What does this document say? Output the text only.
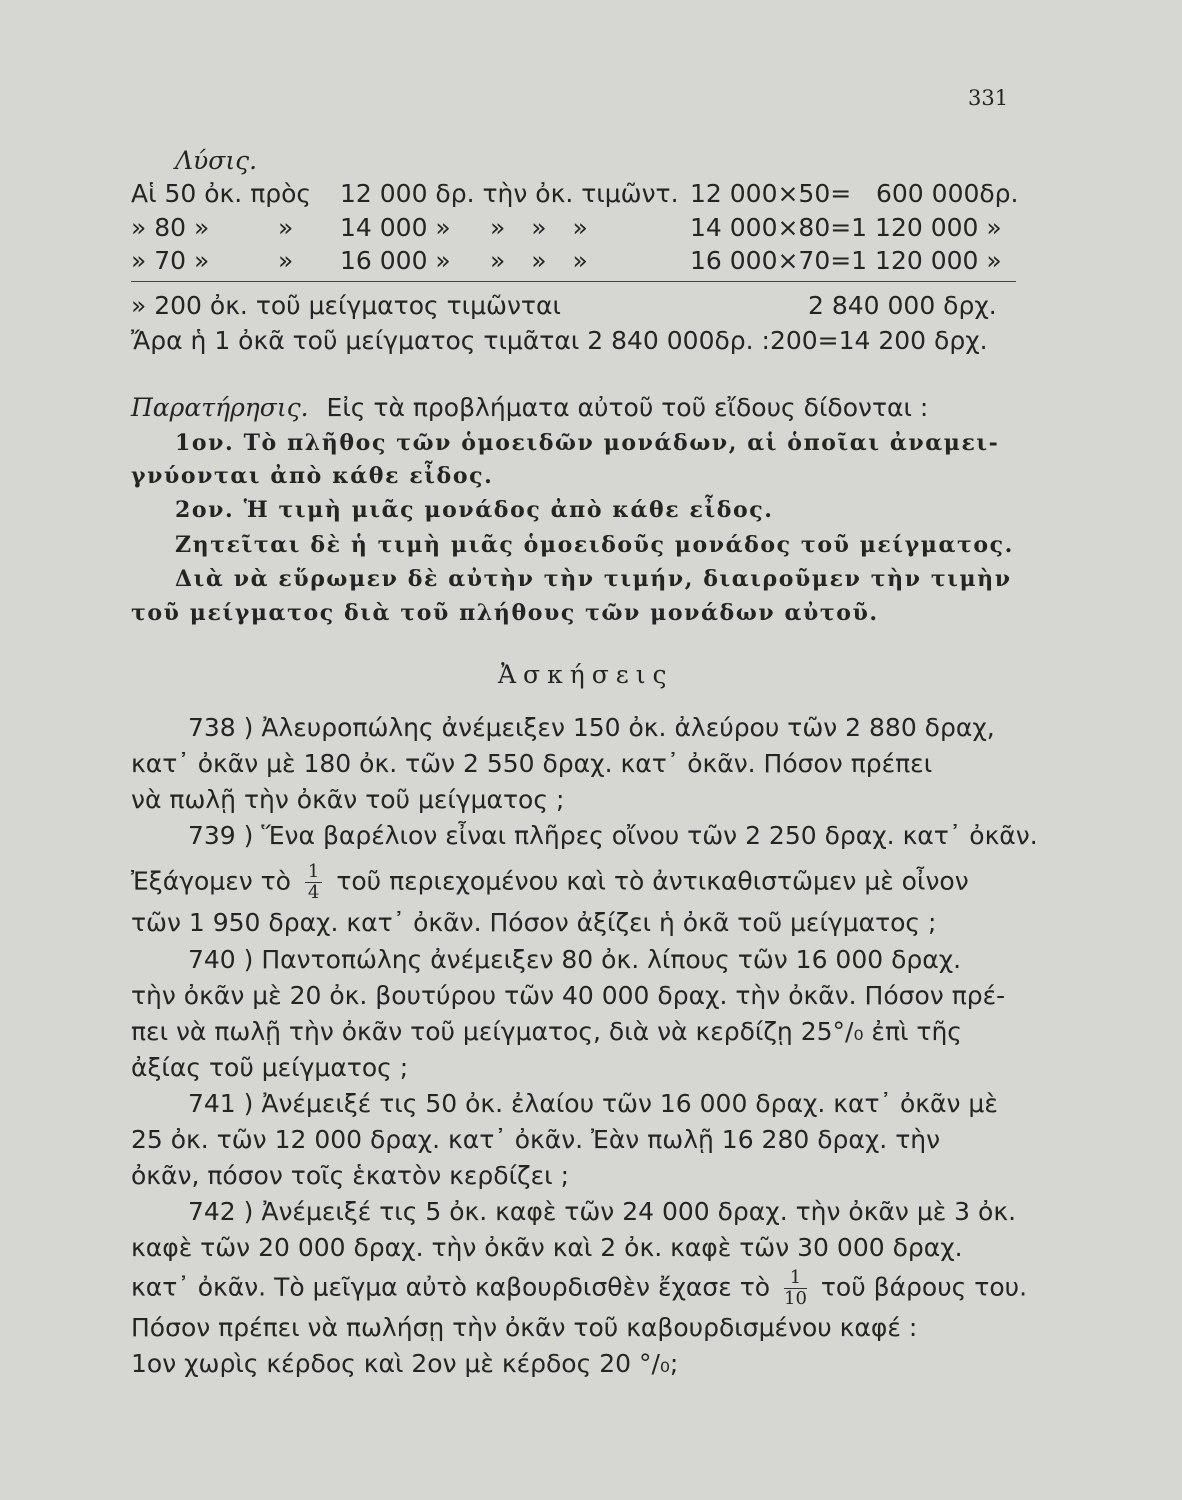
331
Λύσις.
Αἱ 50 ὀκ. πρὸς 12 000 δρ. τὴν ὀκ. τιμῶντ. 12 000×50= 600 000δρ.
» 80 »	» 14 000 » » » »	14 000×80=1 120 000 »
» 70 »	» 16 000 » » » »	16 000×70=1 120 000 »
» 200 ὀκ. τοῦ μείγματος τιμῶνται	2 840 000 δρχ.
Ἄρα ἡ 1 ὀκᾶ τοῦ μείγματος τιμᾶται 2 840 000δρ. :200=14 200 δρχ.
Παρατήρησις. Εἰς τὰ προβλήματα αὐτοῦ τοῦ εἴδους δίδονται :
1ον. Τὸ πλῆθος τῶν ὁμοειδῶν μονάδων, αἱ ὁποῖαι ἀναμει-
γνύονται ἀπὸ κάθε εἶδος.
2ον. Ἡ τιμὴ μιᾶς μονάδος ἀπὸ κάθε εἶδος.
Ζητεῖται δὲ ἡ τιμὴ μιᾶς ὁμοειδοῦς μονάδος τοῦ μείγματος.
Διὰ νὰ εὕρωμεν δὲ αὐτὴν τὴν τιμήν, διαιροῦμεν τὴν τιμὴν
τοῦ μείγματος διὰ τοῦ πλήθους τῶν μονάδων αὐτοῦ.
Ἀσκήσεις
738 ) Ἀλευροπώλης ἀνέμειξεν 150 ὀκ. ἀλεύρου τῶν 2 880 δραχ,
κατ᾽ ὀκᾶν μὲ 180 ὀκ. τῶν 2 550 δραχ. κατ᾽ ὀκᾶν. Πόσον πρέπει
νὰ πωλῇ τὴν ὀκᾶν τοῦ μείγματος ;
739 ) Ἕνα βαρέλιον εἶναι πλῆρες οἴνου τῶν 2 250 δραχ. κατ᾽ ὀκᾶν.
Ἐξάγομεν τὸ $\frac{1}{4}$ τοῦ περιεχομένου καὶ τὸ ἀντικαθιστῶμεν μὲ οἶνον
τῶν 1 950 δραχ. κατ᾽ ὀκᾶν. Πόσον ἀξίζει ἡ ὀκᾶ τοῦ μείγματος ;
740 ) Παντοπώλης ἀνέμειξεν 80 ὀκ. λίπους τῶν 16 000 δραχ.
τὴν ὀκᾶν μὲ 20 ὀκ. βουτύρου τῶν 40 000 δραχ. τὴν ὀκᾶν. Πόσον πρέ-
πει νὰ πωλῇ τὴν ὀκᾶν τοῦ μείγματος, διὰ νὰ κερδίζῃ 25°/₀ ἐπὶ τῆς
ἀξίας τοῦ μείγματος ;
741 ) Ἀνέμειξέ τις 50 ὀκ. ἐλαίου τῶν 16 000 δραχ. κατ᾽ ὀκᾶν μὲ
25 ὀκ. τῶν 12 000 δραχ. κατ᾽ ὀκᾶν. Ἐὰν πωλῇ 16 280 δραχ. τὴν
ὀκᾶν, πόσον τοῖς ἑκατὸν κερδίζει ;
742 ) Ἀνέμειξέ τις 5 ὀκ. καφὲ τῶν 24 000 δραχ. τὴν ὀκᾶν μὲ 3 ὀκ.
καφὲ τῶν 20 000 δραχ. τὴν ὀκᾶν καὶ 2 ὀκ. καφὲ τῶν 30 000 δραχ.
κατ᾽ ὀκᾶν. Τὸ μεῖγμα αὐτὸ καβουρδισθὲν ἔχασε τὸ $\frac{1}{10}$ τοῦ βάρους του.
Πόσον πρέπει νὰ πωλήσῃ τὴν ὀκᾶν τοῦ καβουρδισμένου καφέ :
1ον χωρὶς κέρδος καὶ 2ον μὲ κέρδος 20 °/₀;
